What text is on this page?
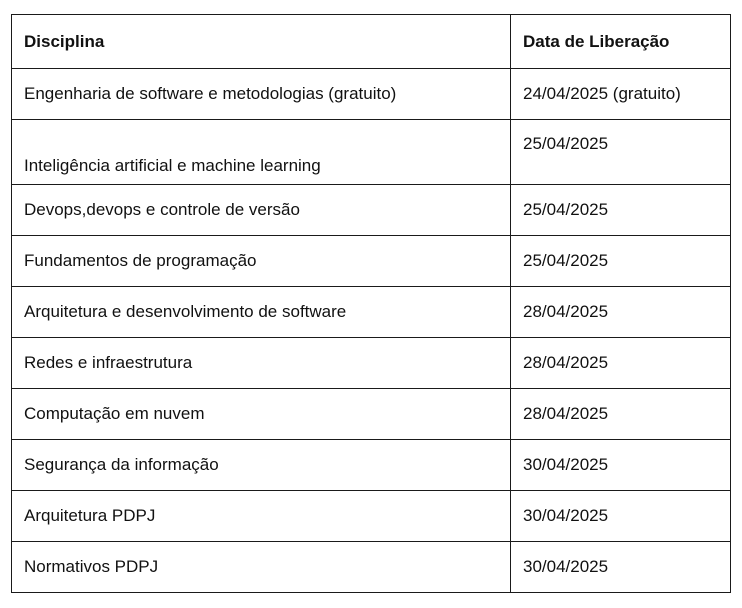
Disciplina	Data de Liberação
Engenharia de software e metodologias (gratuito)	24/04/2025 (gratuito)
Inteligência artificial e machine learning	25/04/2025
Devops,devops e controle de versão	25/04/2025
Fundamentos de programação	25/04/2025
Arquitetura e desenvolvimento de software	28/04/2025
Redes e infraestrutura	28/04/2025
Computação em nuvem	28/04/2025
Segurança da informação	30/04/2025
Arquitetura PDPJ	30/04/2025
Normativos PDPJ	30/04/2025
